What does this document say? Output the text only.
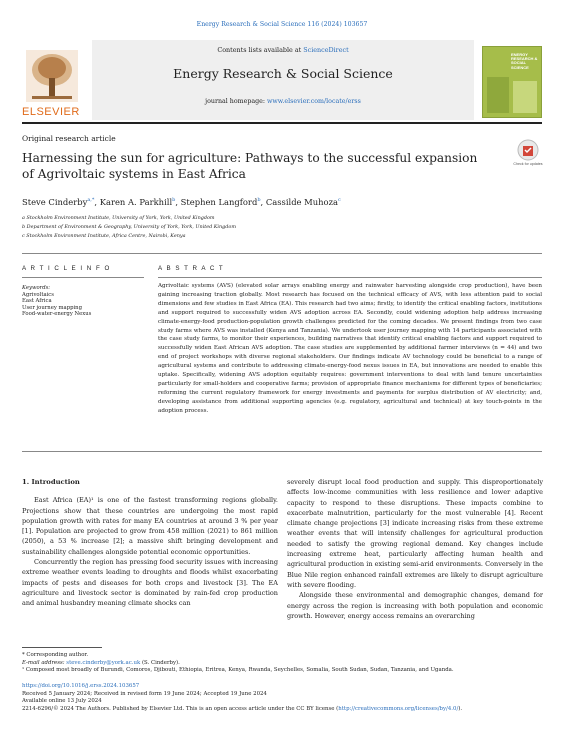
Energy Research & Social Science 116 (2024) 103657
ELSEVIER
Contents lists available at ScienceDirect
Energy Research & Social Science
journal homepage: www.elsevier.com/locate/erss
ENERGY RESEARCH & SOCIAL SCIENCE
Original research article
Harnessing the sun for agriculture: Pathways to the successful expansion of Agrivoltaic systems in East Africa
Check for updates
Steve Cinderby$^{a,*}$, Karen A. Parkhill$^b$, Stephen Langford$^b$, Cassilde Muhoza$^c$
a Stockholm Environment Institute, University of York, York, United Kingdom
b Department of Environment & Geography, University of York, York, United Kingdom
c Stockholm Environment Institute, Africa Centre, Nairobi, Kenya
A R T I C L E I N F O	A B S T R A C T
Keywords:
Agrivoltaics
East Africa
User journey mapping
Food-water-energy Nexus
Agrivoltaic systems (AVS) (elevated solar arrays enabling energy and rainwater harvesting alongside crop production), have been gaining increasing traction globally. Most research has focused on the technical efficacy of AVS, with less attention paid to social dimensions and few studies in East Africa (EA). This research had two aims; firstly, to identify the critical enabling factors, institutions and support required to successfully widen AVS adoption across EA. Secondly, could widening adoption help address increasing climate-energy-food production-population growth challenges predicted for the coming decades. We present findings from two case study farms where AVS was installed (Kenya and Tanzania). We undertook user journey mapping with 14 participants associated with the case study farms, to monitor their experiences, building narratives that identify critical enabling factors and support required to successfully widen East African AVS adoption. The case studies are supplemented by additional farmer interviews (n = 44) and two end of project workshops with diverse regional stakeholders. Our findings indicate AV technology could be beneficial to a range of agricultural systems and contribute to addressing climate-energy-food nexus issues in EA, but innovations are needed to enable this uptake. Specifically, widening AVS adoption equitably requires: government interventions to deal with land tenure uncertainties particularly for small-holders and cooperative farms; provision of appropriate finance mechanisms for different types of beneficiaries; reforming the current regulatory framework for energy investments and payments for surplus distribution of AV electricity; and, developing assistance from additional supporting agencies (e.g. regulatory, agricultural and technical) at key touch-points in the adoption process.
1. Introduction

East Africa (EA)¹ is one of the fastest transforming regions globally. Projections show that these countries are undergoing the most rapid population growth with rates for many EA countries at around 3 % per year [1]. Population are projected to grow from 458 million (2021) to 861 million (2050), a 53 % increase [2]; a massive shift bringing development and sustainability challenges alongside potential economic opportunities.

Concurrently the region has pressing food security issues with increasing extreme weather events leading to droughts and floods whilst exacerbating impacts of pests and diseases for both crops and livestock [3]. The EA agriculture and livestock sector is dominated by rain-fed crop production and animal husbandry meaning climate shocks can

severely disrupt local food production and supply. This disproportionately affects low-income communities with less resilience and lower adaptive capacity to respond to these disruptions. These impacts combine to exacerbate malnutrition, particularly for the most vulnerable [4]. Recent climate change projections [3] indicate increasing risks from these extreme weather events that will intensify challenges for agricultural production needed to satisfy the growing regional demand. Key changes include increasing extreme heat, particularly affecting human health and agricultural production in existing semi-arid environments. Conversely in the Blue Nile region enhanced rainfall extremes are likely to disrupt agriculture with severe flooding.

Alongside these environmental and demographic changes, demand for energy across the region is increasing with both population and economic growth. However, energy access remains an overarching

* Corresponding author.
E-mail address: steve.cinderby@york.ac.uk (S. Cinderby).
¹ Composed most broadly of Burundi, Comoros, Djibouti, Ethiopia, Eritrea, Kenya, Rwanda, Seychelles, Somalia, South Sudan, Sudan, Tanzania, and Uganda.
https://doi.org/10.1016/j.erss.2024.103657
Received 5 January 2024; Received in revised form 19 June 2024; Accepted 19 June 2024
Available online 13 July 2024
2214-6296/© 2024 The Authors. Published by Elsevier Ltd. This is an open access article under the CC BY license (http://creativecommons.org/licenses/by/4.0/).
